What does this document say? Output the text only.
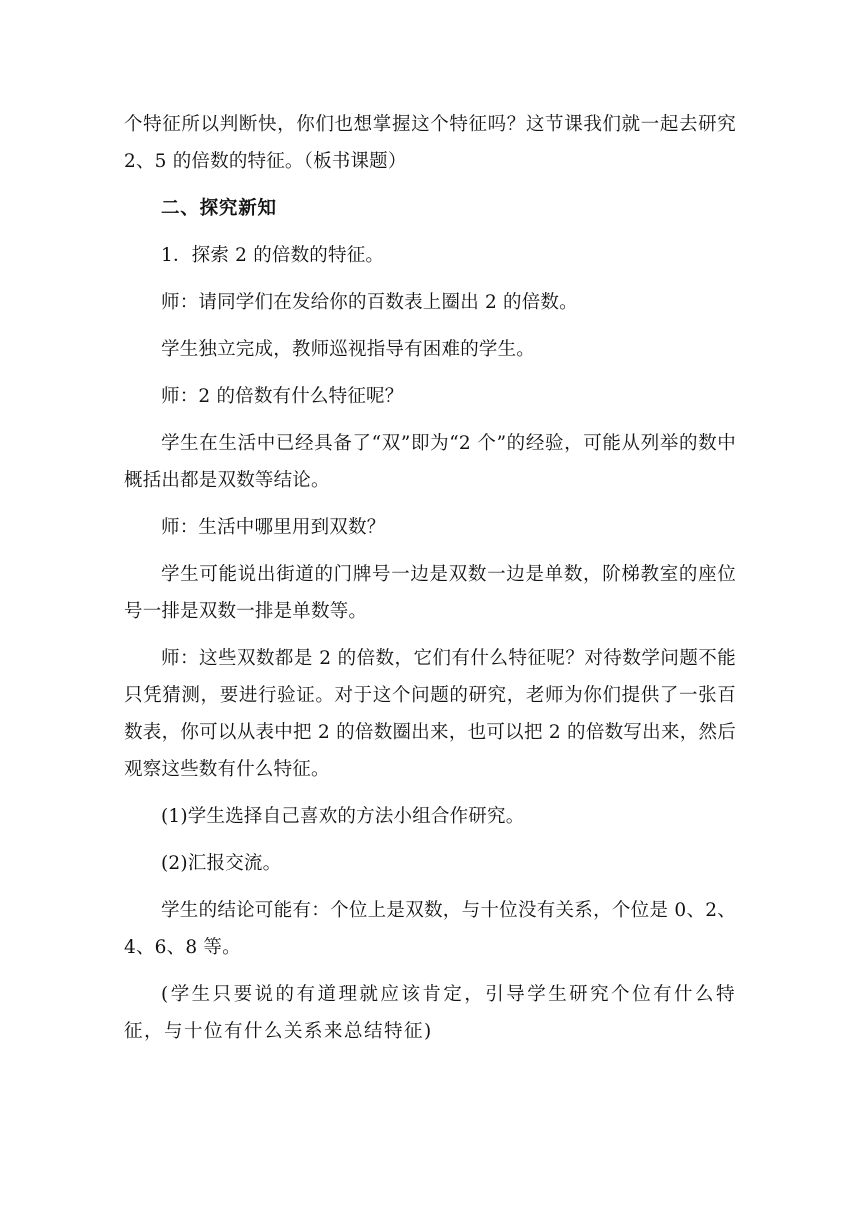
个特征所以判断快，你们也想掌握这个特征吗？这节课我们就一起去研究 2、5 的倍数的特征。（板书课题）

二、探究新知

1．探索 2 的倍数的特征。

师：请同学们在发给你的百数表上圈出 2 的倍数。

学生独立完成，教师巡视指导有困难的学生。

师：2 的倍数有什么特征呢？

学生在生活中已经具备了“双”即为“2 个”的经验，可能从列举的数中概括出都是双数等结论。

师：生活中哪里用到双数？

学生可能说出街道的门牌号一边是双数一边是单数，阶梯教室的座位号一排是双数一排是单数等。

师：这些双数都是 2 的倍数，它们有什么特征呢？对待数学问题不能只凭猜测，要进行验证。对于这个问题的研究，老师为你们提供了一张百数表，你可以从表中把 2 的倍数圈出来，也可以把 2 的倍数写出来，然后观察这些数有什么特征。

(1)学生选择自己喜欢的方法小组合作研究。

(2)汇报交流。

学生的结论可能有：个位上是双数，与十位没有关系，个位是 0、2、4、6、8 等。

(学生只要说的有道理就应该肯定，引导学生研究个位有什么特征，与十位有什么关系来总结特征)
